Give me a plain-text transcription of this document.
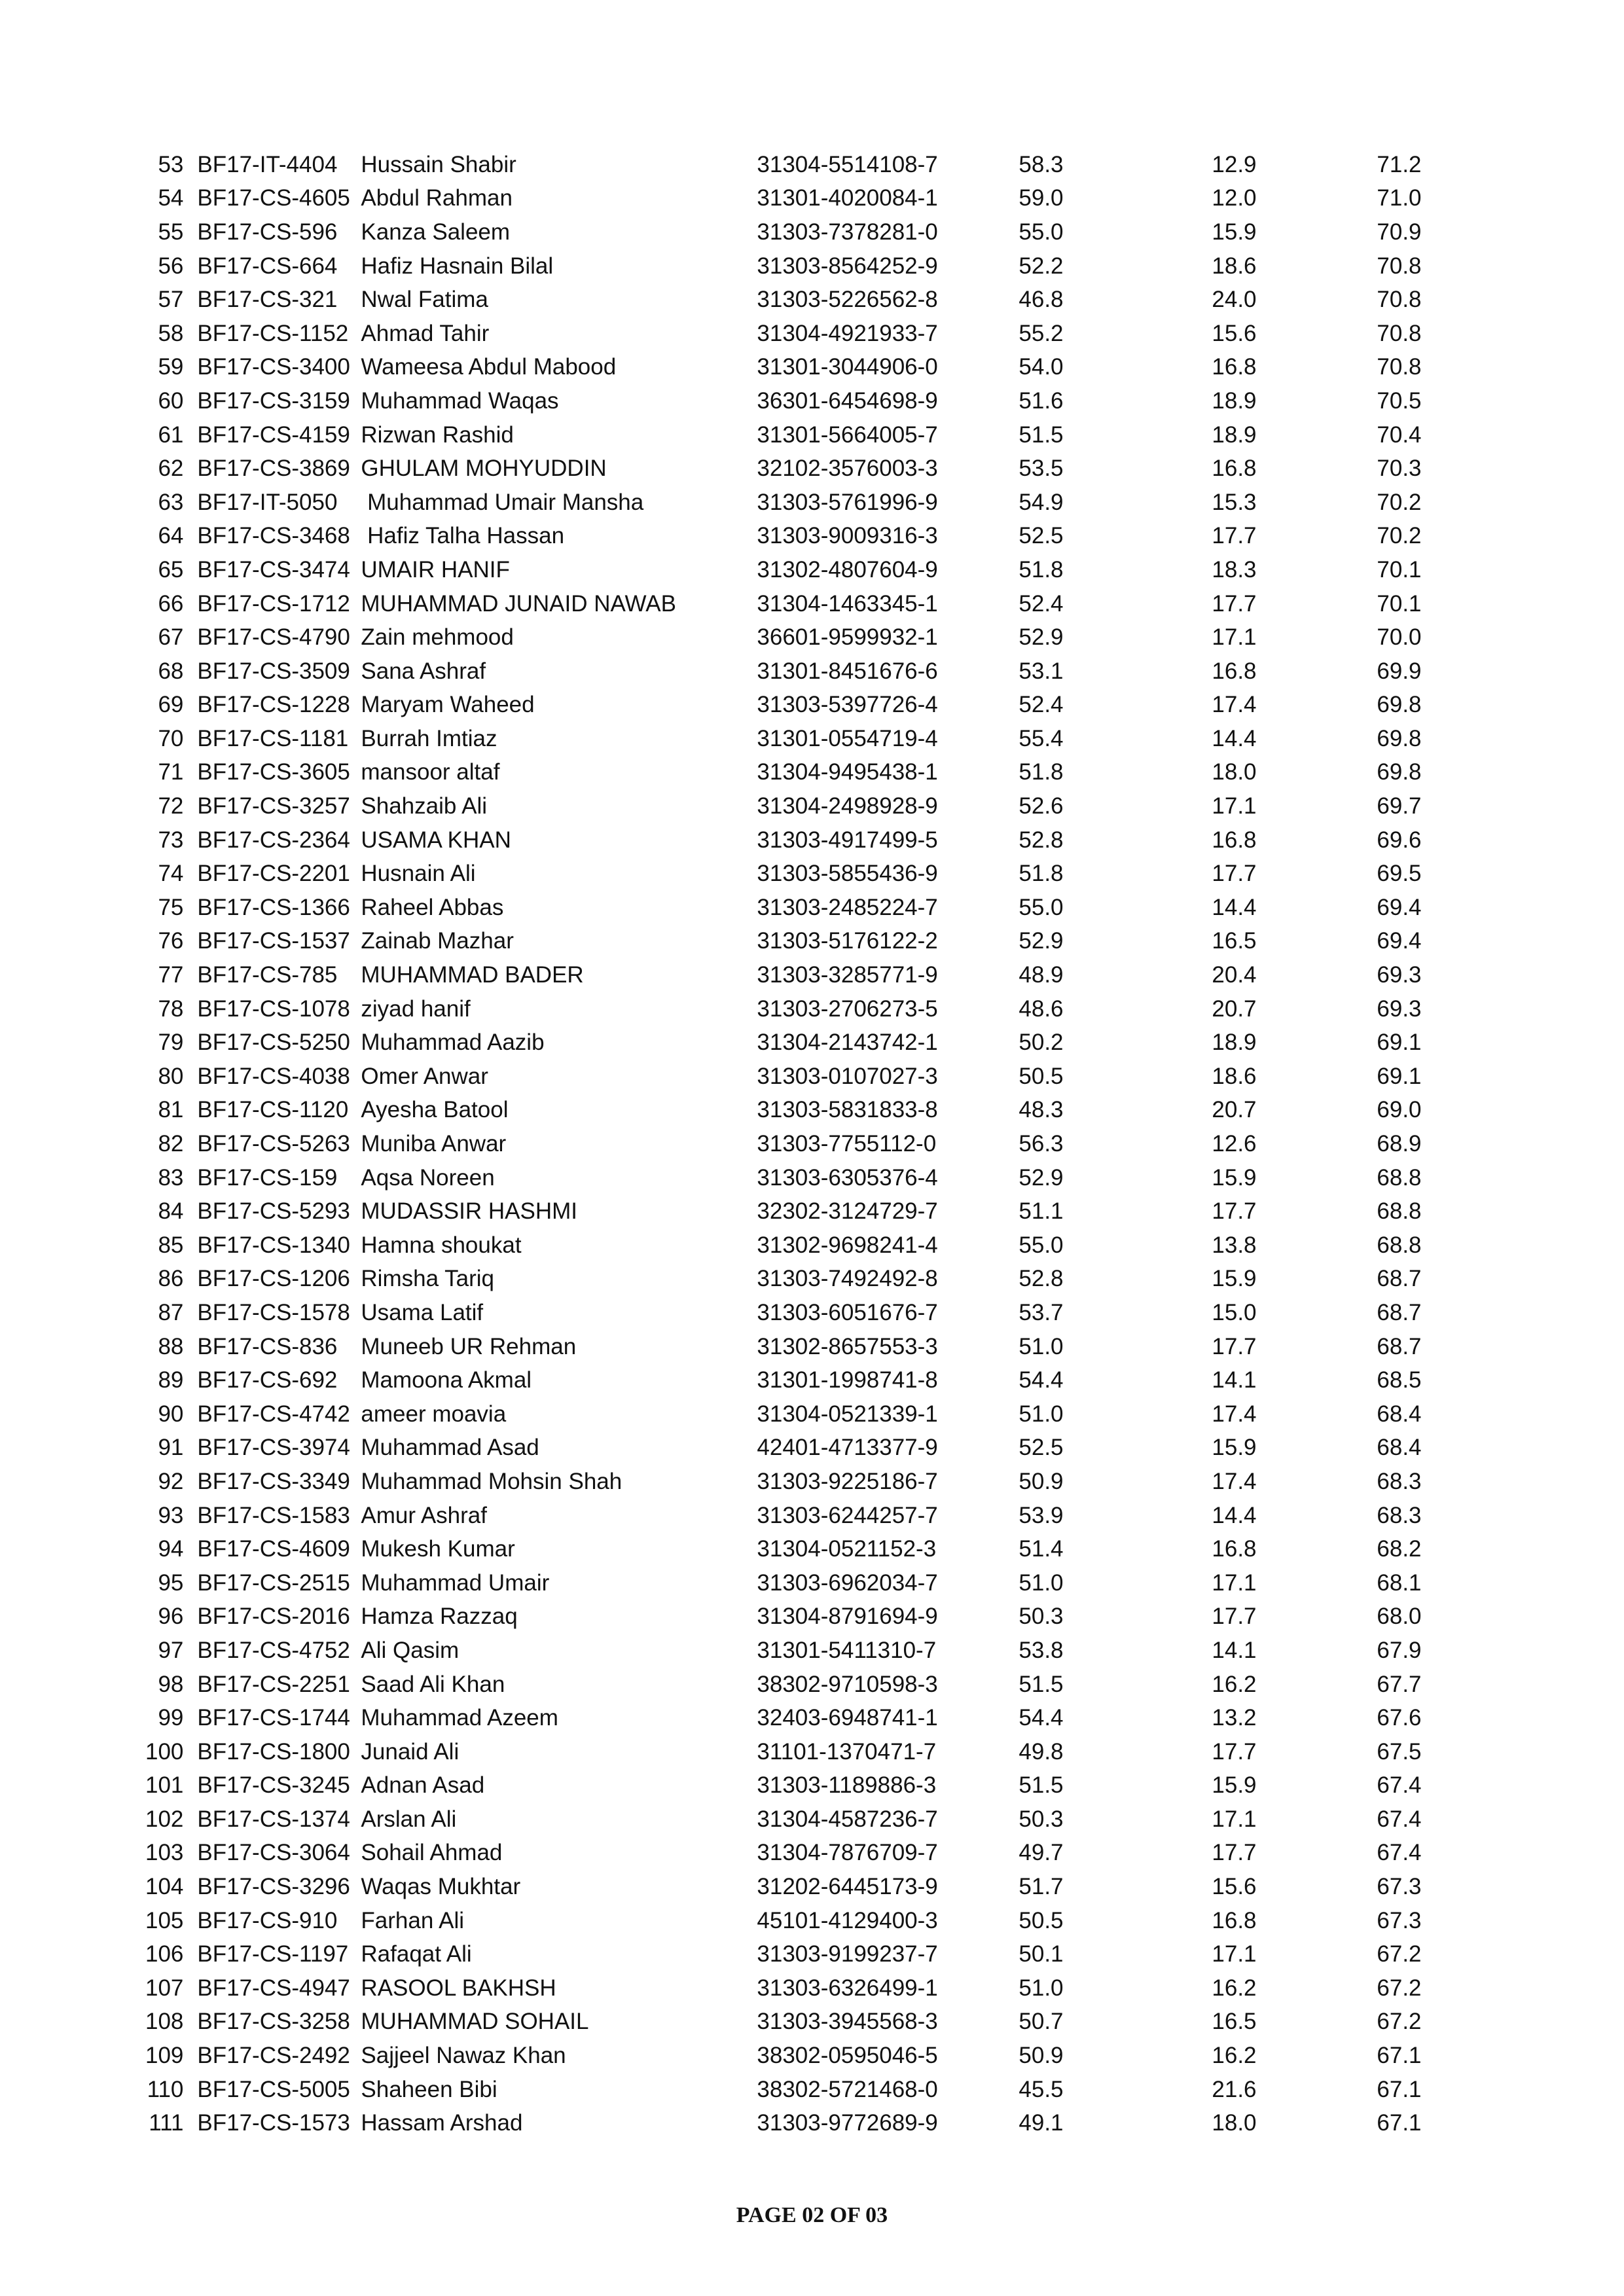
53	BF17-IT-4404	Hussain Shabir	31304-5514108-7	58.3	12.9	71.2
54	BF17-CS-4605	Abdul Rahman	31301-4020084-1	59.0	12.0	71.0
55	BF17-CS-596	Kanza Saleem	31303-7378281-0	55.0	15.9	70.9
56	BF17-CS-664	Hafiz Hasnain Bilal	31303-8564252-9	52.2	18.6	70.8
57	BF17-CS-321	Nwal Fatima	31303-5226562-8	46.8	24.0	70.8
58	BF17-CS-1152	Ahmad Tahir	31304-4921933-7	55.2	15.6	70.8
59	BF17-CS-3400	Wameesa Abdul Mabood	31301-3044906-0	54.0	16.8	70.8
60	BF17-CS-3159	Muhammad Waqas	36301-6454698-9	51.6	18.9	70.5
61	BF17-CS-4159	Rizwan Rashid	31301-5664005-7	51.5	18.9	70.4
62	BF17-CS-3869	GHULAM MOHYUDDIN	32102-3576003-3	53.5	16.8	70.3
63	BF17-IT-5050	Muhammad Umair Mansha	31303-5761996-9	54.9	15.3	70.2
64	BF17-CS-3468	Hafiz Talha Hassan	31303-9009316-3	52.5	17.7	70.2
65	BF17-CS-3474	UMAIR HANIF	31302-4807604-9	51.8	18.3	70.1
66	BF17-CS-1712	MUHAMMAD JUNAID NAWAB	31304-1463345-1	52.4	17.7	70.1
67	BF17-CS-4790	Zain mehmood	36601-9599932-1	52.9	17.1	70.0
68	BF17-CS-3509	Sana Ashraf	31301-8451676-6	53.1	16.8	69.9
69	BF17-CS-1228	Maryam Waheed	31303-5397726-4	52.4	17.4	69.8
70	BF17-CS-1181	Burrah Imtiaz	31301-0554719-4	55.4	14.4	69.8
71	BF17-CS-3605	mansoor altaf	31304-9495438-1	51.8	18.0	69.8
72	BF17-CS-3257	Shahzaib Ali	31304-2498928-9	52.6	17.1	69.7
73	BF17-CS-2364	USAMA KHAN	31303-4917499-5	52.8	16.8	69.6
74	BF17-CS-2201	Husnain Ali	31303-5855436-9	51.8	17.7	69.5
75	BF17-CS-1366	Raheel Abbas	31303-2485224-7	55.0	14.4	69.4
76	BF17-CS-1537	Zainab Mazhar	31303-5176122-2	52.9	16.5	69.4
77	BF17-CS-785	MUHAMMAD BADER	31303-3285771-9	48.9	20.4	69.3
78	BF17-CS-1078	ziyad hanif	31303-2706273-5	48.6	20.7	69.3
79	BF17-CS-5250	Muhammad Aazib	31304-2143742-1	50.2	18.9	69.1
80	BF17-CS-4038	Omer Anwar	31303-0107027-3	50.5	18.6	69.1
81	BF17-CS-1120	Ayesha Batool	31303-5831833-8	48.3	20.7	69.0
82	BF17-CS-5263	Muniba Anwar	31303-7755112-0	56.3	12.6	68.9
83	BF17-CS-159	Aqsa Noreen	31303-6305376-4	52.9	15.9	68.8
84	BF17-CS-5293	MUDASSIR HASHMI	32302-3124729-7	51.1	17.7	68.8
85	BF17-CS-1340	Hamna shoukat	31302-9698241-4	55.0	13.8	68.8
86	BF17-CS-1206	Rimsha Tariq	31303-7492492-8	52.8	15.9	68.7
87	BF17-CS-1578	Usama Latif	31303-6051676-7	53.7	15.0	68.7
88	BF17-CS-836	Muneeb UR Rehman	31302-8657553-3	51.0	17.7	68.7
89	BF17-CS-692	Mamoona Akmal	31301-1998741-8	54.4	14.1	68.5
90	BF17-CS-4742	ameer moavia	31304-0521339-1	51.0	17.4	68.4
91	BF17-CS-3974	Muhammad Asad	42401-4713377-9	52.5	15.9	68.4
92	BF17-CS-3349	Muhammad Mohsin Shah	31303-9225186-7	50.9	17.4	68.3
93	BF17-CS-1583	Amur Ashraf	31303-6244257-7	53.9	14.4	68.3
94	BF17-CS-4609	Mukesh Kumar	31304-0521152-3	51.4	16.8	68.2
95	BF17-CS-2515	Muhammad Umair	31303-6962034-7	51.0	17.1	68.1
96	BF17-CS-2016	Hamza Razzaq	31304-8791694-9	50.3	17.7	68.0
97	BF17-CS-4752	Ali Qasim	31301-5411310-7	53.8	14.1	67.9
98	BF17-CS-2251	Saad Ali Khan	38302-9710598-3	51.5	16.2	67.7
99	BF17-CS-1744	Muhammad Azeem	32403-6948741-1	54.4	13.2	67.6
100	BF17-CS-1800	Junaid Ali	31101-1370471-7	49.8	17.7	67.5
101	BF17-CS-3245	Adnan Asad	31303-1189886-3	51.5	15.9	67.4
102	BF17-CS-1374	Arslan Ali	31304-4587236-7	50.3	17.1	67.4
103	BF17-CS-3064	Sohail Ahmad	31304-7876709-7	49.7	17.7	67.4
104	BF17-CS-3296	Waqas Mukhtar	31202-6445173-9	51.7	15.6	67.3
105	BF17-CS-910	Farhan Ali	45101-4129400-3	50.5	16.8	67.3
106	BF17-CS-1197	Rafaqat Ali	31303-9199237-7	50.1	17.1	67.2
107	BF17-CS-4947	RASOOL BAKHSH	31303-6326499-1	51.0	16.2	67.2
108	BF17-CS-3258	MUHAMMAD SOHAIL	31303-3945568-3	50.7	16.5	67.2
109	BF17-CS-2492	Sajjeel Nawaz Khan	38302-0595046-5	50.9	16.2	67.1
110	BF17-CS-5005	Shaheen Bibi	38302-5721468-0	45.5	21.6	67.1
111	BF17-CS-1573	Hassam Arshad	31303-9772689-9	49.1	18.0	67.1
PAGE 02 OF 03
